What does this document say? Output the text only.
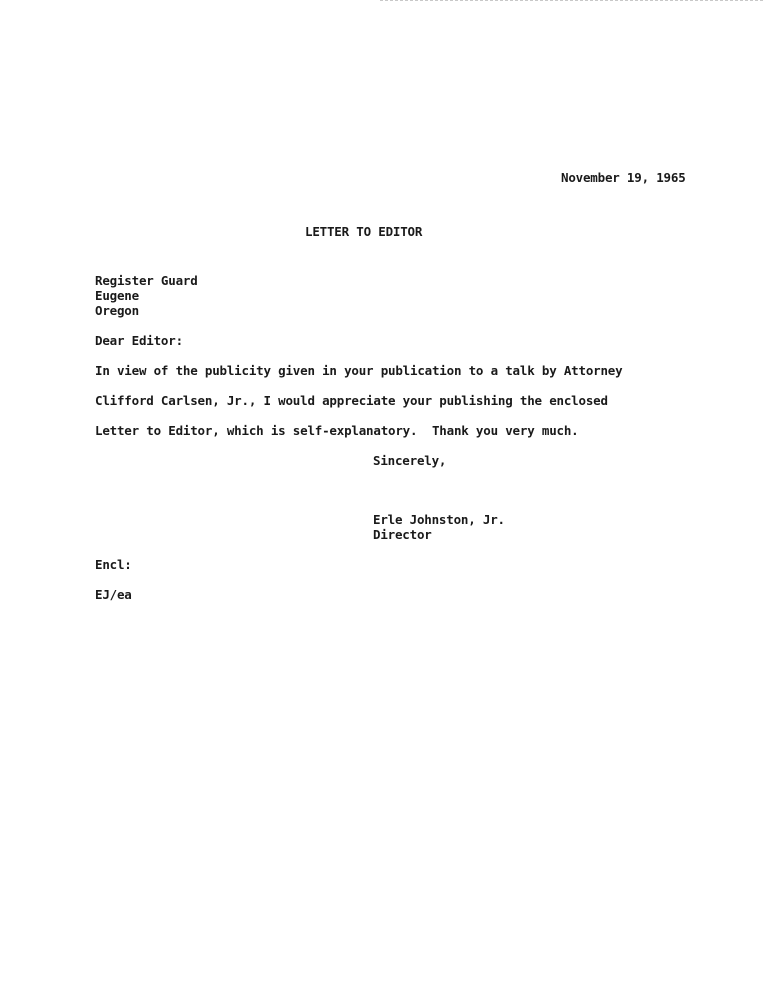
November 19, 1965
LETTER TO EDITOR
Register Guard
Eugene
Oregon
Dear Editor:
In view of the publicity given in your publication to a talk by Attorney
Clifford Carlsen, Jr., I would appreciate your publishing the enclosed
Letter to Editor, which is self-explanatory.  Thank you very much.
Sincerely,
Erle Johnston, Jr.
Director
Encl:
EJ/ea
